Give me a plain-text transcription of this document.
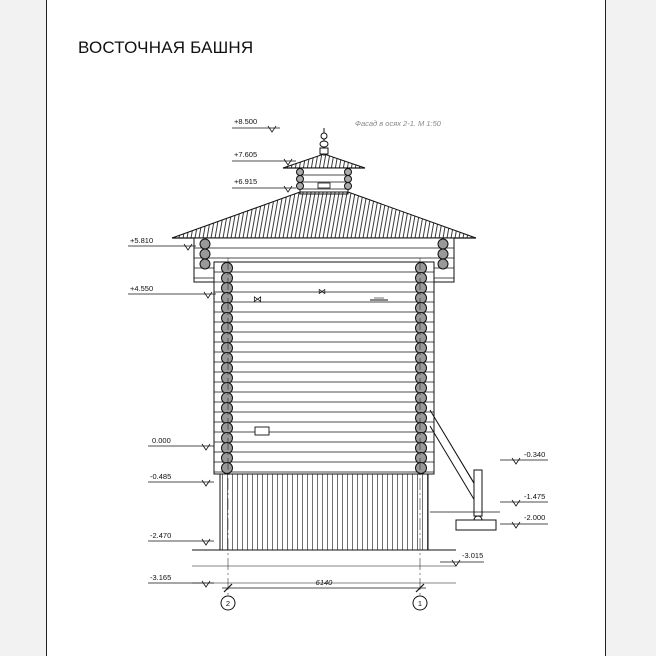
ВОСТОЧНАЯ БАШНЯ
Фасад в осях 2-1. М 1:50
⋈
⋈
2	1
6140
+8.500
+7.605
+6.915
+5.810
+4.550
0.000
-0.485
-2.470
-3.165
-0.340
-1.475
-2.000
-3.015
